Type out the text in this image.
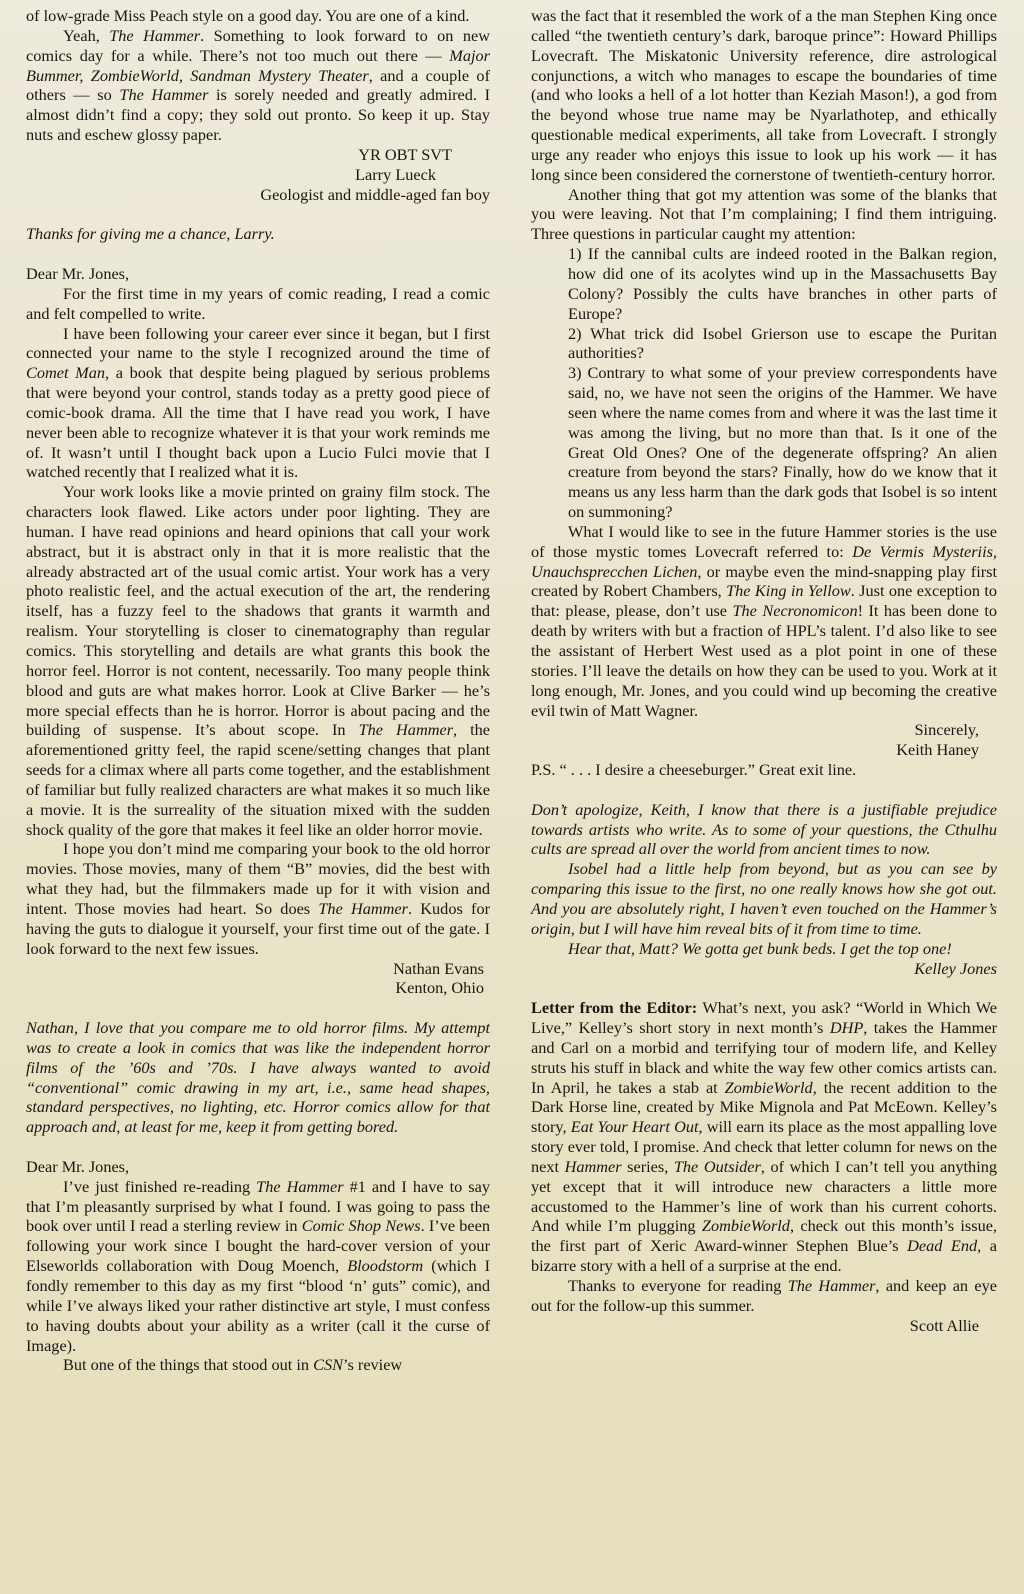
of low-grade Miss Peach style on a good day. You are one of a kind.

Yeah, The Hammer. Something to look forward to on new comics day for a while. There’s not too much out there — Major Bummer, ZombieWorld, Sandman Mystery Theater, and a couple of others — so The Hammer is sorely needed and greatly admired. I almost didn’t find a copy; they sold out pronto. So keep it up. Stay nuts and eschew glossy paper.

YR OBT SVT
Larry Lueck
Geologist and middle-aged fan boy

Thanks for giving me a chance, Larry.

Dear Mr. Jones,

For the first time in my years of comic reading, I read a comic and felt compelled to write.

I have been following your career ever since it began, but I first connected your name to the style I recognized around the time of Comet Man, a book that despite being plagued by serious problems that were beyond your control, stands today as a pretty good piece of comic-book drama. All the time that I have read you work, I have never been able to recognize whatever it is that your work reminds me of. It wasn’t until I thought back upon a Lucio Fulci movie that I watched recently that I realized what it is.

Your work looks like a movie printed on grainy film stock. The characters look flawed. Like actors under poor lighting. They are human. I have read opinions and heard opinions that call your work abstract, but it is abstract only in that it is more realistic that the already abstracted art of the usual comic artist. Your work has a very photo realistic feel, and the actual execution of the art, the rendering itself, has a fuzzy feel to the shadows that grants it warmth and realism. Your storytelling is closer to cinematography than regular comics. This storytelling and details are what grants this book the horror feel. Horror is not content, necessarily. Too many people think blood and guts are what makes horror. Look at Clive Barker — he’s more special effects than he is horror. Horror is about pacing and the building of suspense. It’s about scope. In The Hammer, the aforementioned gritty feel, the rapid scene/setting changes that plant seeds for a climax where all parts come together, and the establishment of familiar but fully realized characters are what makes it so much like a movie. It is the surreality of the situation mixed with the sudden shock quality of the gore that makes it feel like an older horror movie.

I hope you don’t mind me comparing your book to the old horror movies. Those movies, many of them “B” movies, did the best with what they had, but the filmmakers made up for it with vision and intent. Those movies had heart. So does The Hammer. Kudos for having the guts to dialogue it yourself, your first time out of the gate. I look forward to the next few issues.

Nathan Evans
Kenton, Ohio

Nathan, I love that you compare me to old horror films. My attempt was to create a look in comics that was like the independent horror films of the ’60s and ’70s. I have always wanted to avoid “conventional” comic drawing in my art, i.e., same head shapes, standard perspectives, no lighting, etc. Horror comics allow for that approach and, at least for me, keep it from getting bored.

Dear Mr. Jones,

I’ve just finished re-reading The Hammer #1 and I have to say that I’m pleasantly surprised by what I found. I was going to pass the book over until I read a sterling review in Comic Shop News. I’ve been following your work since I bought the hard-cover version of your Elseworlds collaboration with Doug Moench, Bloodstorm (which I fondly remember to this day as my first “blood ‘n’ guts” comic), and while I’ve always liked your rather distinctive art style, I must confess to having doubts about your ability as a writer (call it the curse of Image).

But one of the things that stood out in CSN’s review

was the fact that it resembled the work of a the man Stephen King once called “the twentieth century’s dark, baroque prince”: Howard Phillips Lovecraft. The Miskatonic University reference, dire astrological conjunctions, a witch who manages to escape the boundaries of time (and who looks a hell of a lot hotter than Keziah Mason!), a god from the beyond whose true name may be Nyarlathotep, and ethically questionable medical experiments, all take from Lovecraft. I strongly urge any reader who enjoys this issue to look up his work — it has long since been considered the cornerstone of twentieth-century horror.

Another thing that got my attention was some of the blanks that you were leaving. Not that I’m complaining; I find them intriguing. Three questions in particular caught my attention:

1) If the cannibal cults are indeed rooted in the Balkan region, how did one of its acolytes wind up in the Massachusetts Bay Colony? Possibly the cults have branches in other parts of Europe?

2) What trick did Isobel Grierson use to escape the Puritan authorities?

3) Contrary to what some of your preview correspondents have said, no, we have not seen the origins of the Hammer. We have seen where the name comes from and where it was the last time it was among the living, but no more than that. Is it one of the Great Old Ones? One of the degenerate offspring? An alien creature from beyond the stars? Finally, how do we know that it means us any less harm than the dark gods that Isobel is so intent on summoning?

What I would like to see in the future Hammer stories is the use of those mystic tomes Lovecraft referred to: De Vermis Mysteriis, Unauchsprecchen Lichen, or maybe even the mind-snapping play first created by Robert Chambers, The King in Yellow. Just one exception to that: please, please, don’t use The Necronomicon! It has been done to death by writers with but a fraction of HPL’s talent. I’d also like to see the assistant of Herbert West used as a plot point in one of these stories. I’ll leave the details on how they can be used to you. Work at it long enough, Mr. Jones, and you could wind up becoming the creative evil twin of Matt Wagner.

Sincerely,
Keith Haney

P.S. “ . . . I desire a cheeseburger.” Great exit line.

Don’t apologize, Keith, I know that there is a justifiable prejudice towards artists who write. As to some of your questions, the Cthulhu cults are spread all over the world from ancient times to now.

Isobel had a little help from beyond, but as you can see by comparing this issue to the first, no one really knows how she got out. And you are absolutely right, I haven’t even touched on the Hammer’s origin, but I will have him reveal bits of it from time to time.

Hear that, Matt? We gotta get bunk beds. I get the top one!

Kelley Jones

Letter from the Editor: What’s next, you ask? “World in Which We Live,” Kelley’s short story in next month’s DHP, takes the Hammer and Carl on a morbid and terrifying tour of modern life, and Kelley struts his stuff in black and white the way few other comics artists can. In April, he takes a stab at ZombieWorld, the recent addition to the Dark Horse line, created by Mike Mignola and Pat McEown. Kelley’s story, Eat Your Heart Out, will earn its place as the most appalling love story ever told, I promise. And check that letter column for news on the next Hammer series, The Outsider, of which I can’t tell you anything yet except that it will introduce new characters a little more accustomed to the Hammer’s line of work than his current cohorts. And while I’m plugging ZombieWorld, check out this month’s issue, the first part of Xeric Award-winner Stephen Blue’s Dead End, a bizarre story with a hell of a surprise at the end.

Thanks to everyone for reading The Hammer, and keep an eye out for the follow-up this summer.

Scott Allie
